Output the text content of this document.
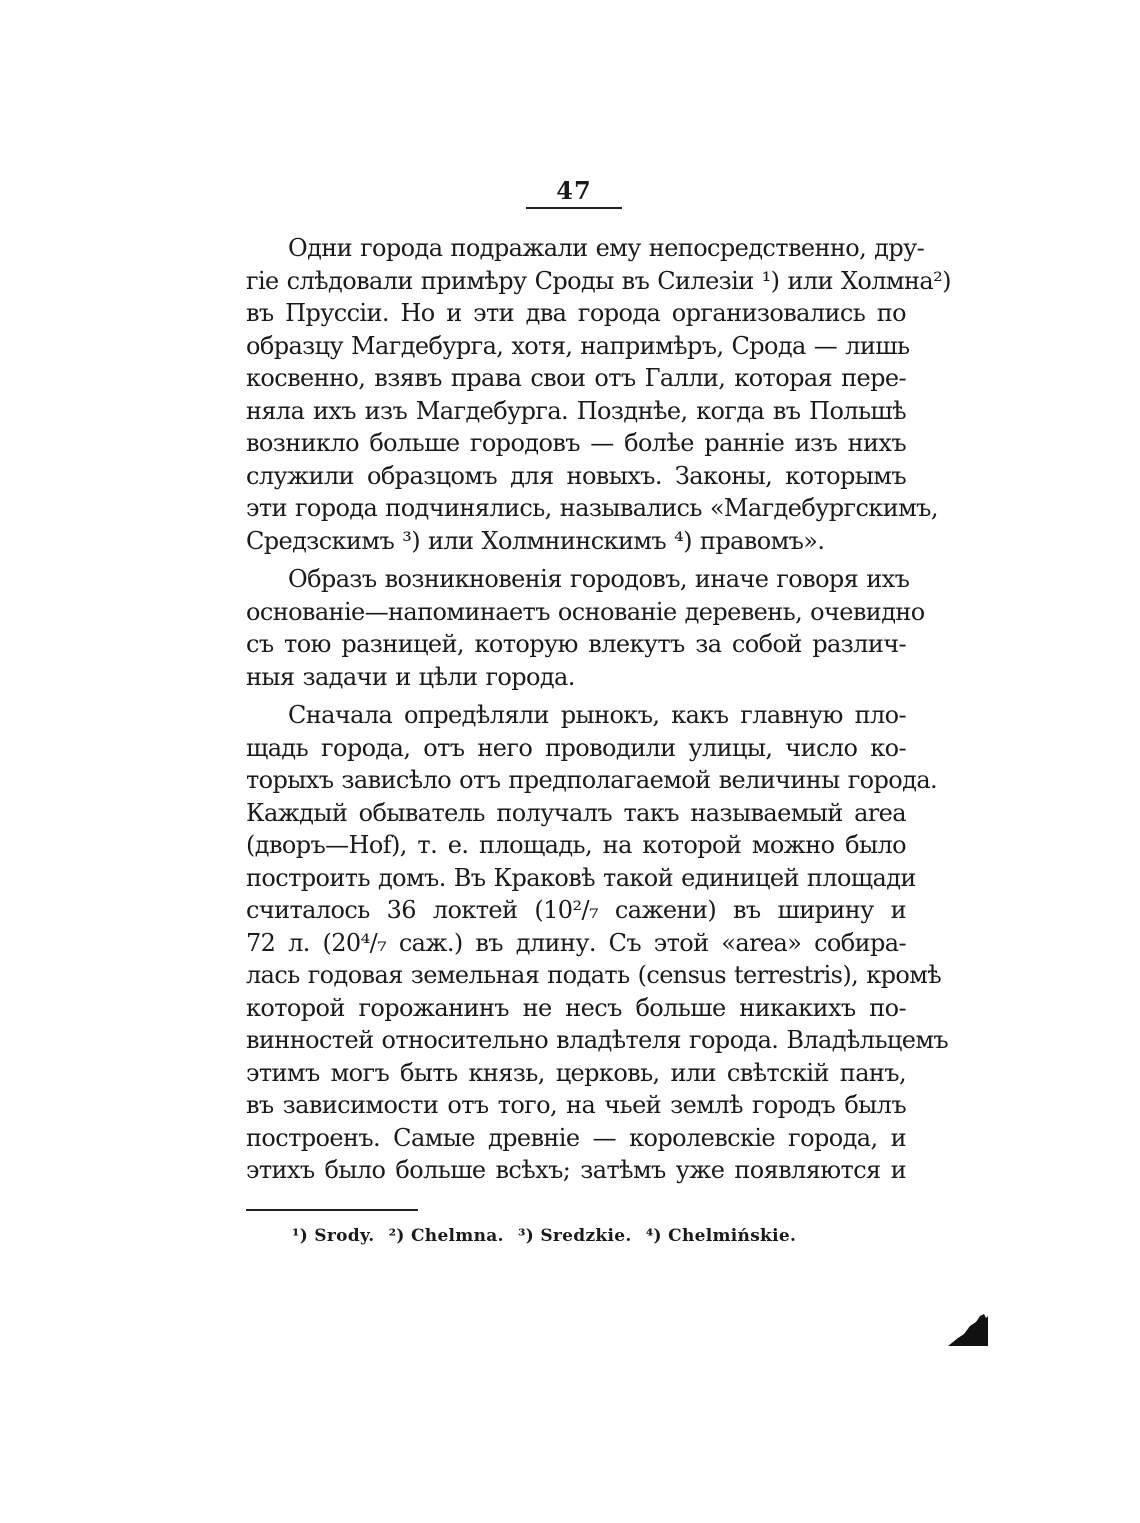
47
Одни города подражали ему непосредственно, дру-
гіе слѣдовали примѣру Сроды въ Силезіи ¹) или Холмна²)
въ Пруссіи. Но и эти два города организовались по
образцу Магдебурга, хотя, напримѣръ, Срода — лишь
косвенно, взявъ права свои отъ Галли, которая пере-
няла ихъ изъ Магдебурга. Позднѣе, когда въ Польшѣ
возникло больше городовъ — болѣе ранніе изъ нихъ
служили образцомъ для новыхъ. Законы, которымъ
эти города подчинялись, назывались «Магдебургскимъ,
Средзскимъ ³) или Холмнинскимъ ⁴) правомъ».
Образъ возникновенія городовъ, иначе говоря ихъ
основаніе—напоминаетъ основаніе деревень, очевидно
съ тою разницей, которую влекутъ за собой различ-
ныя задачи и цѣли города.
Сначала опредѣляли рынокъ, какъ главную пло-
щадь города, отъ него проводили улицы, число ко-
торыхъ зависѣло отъ предполагаемой величины города.
Каждый обыватель получалъ такъ называемый area
(дворъ—Hof), т. е. площадь, на которой можно было
построить домъ. Въ Краковѣ такой единицей площади
считалось 36 локтей (10²/₇ сажени) въ ширину и
72 л. (20⁴/₇ саж.) въ длину. Съ этой «area» собира-
лась годовая земельная подать (census terrestris), кромѣ
которой горожанинъ не несъ больше никакихъ по-
винностей относительно владѣтеля города. Владѣльцемъ
этимъ могъ быть князь, церковь, или свѣтскій панъ,
въ зависимости отъ того, на чьей землѣ городъ былъ
построенъ. Самые древніе — королевскіе города, и
этихъ было больше всѣхъ; затѣмъ уже появляются и
¹) Srody. ²) Chelmna. ³) Sredzkie. ⁴) Chelmińskie.
